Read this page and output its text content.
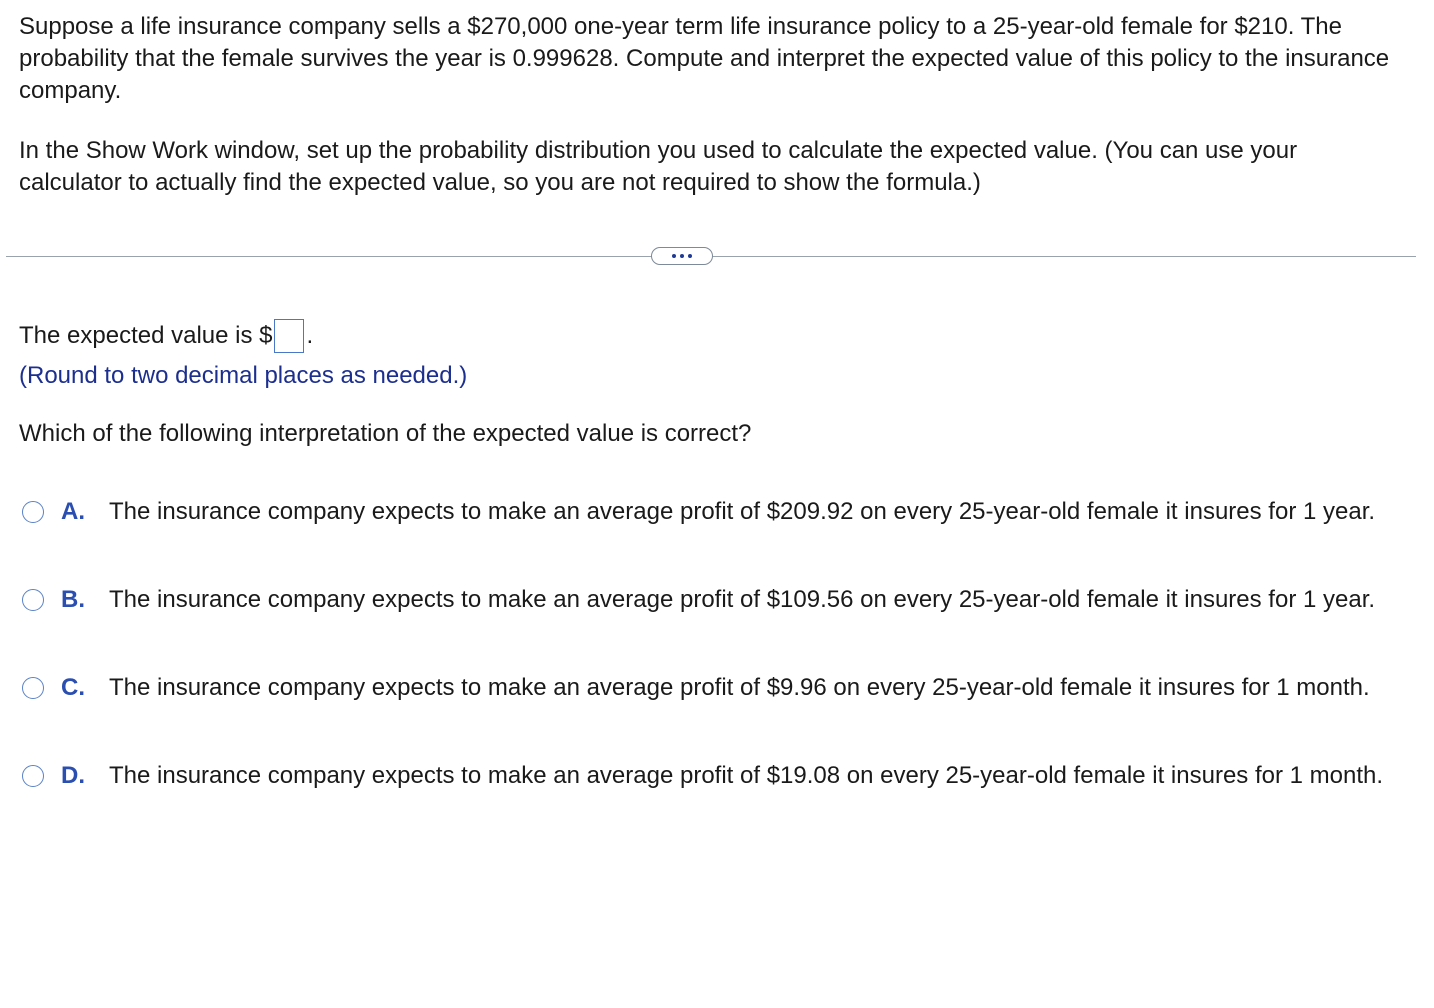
Suppose a life insurance company sells a $270,000 one-year term life insurance policy to a 25-year-old female for $210. The probability that the female survives the year is 0.999628. Compute and interpret the expected value of this policy to the insurance company.

In the Show Work window, set up the probability distribution you used to calculate the expected value. (You can use your calculator to actually find the expected value, so you are not required to show the formula.)

The expected value is $ .
(Round to two decimal places as needed.)
Which of the following interpretation of the expected value is correct?
A.	The insurance company expects to make an average profit of $209.92 on every 25-year-old female it insures for 1 year.
B.	The insurance company expects to make an average profit of $109.56 on every 25-year-old female it insures for 1 year.
C.	The insurance company expects to make an average profit of $9.96 on every 25-year-old female it insures for 1 month.
D.	The insurance company expects to make an average profit of $19.08 on every 25-year-old female it insures for 1 month.
